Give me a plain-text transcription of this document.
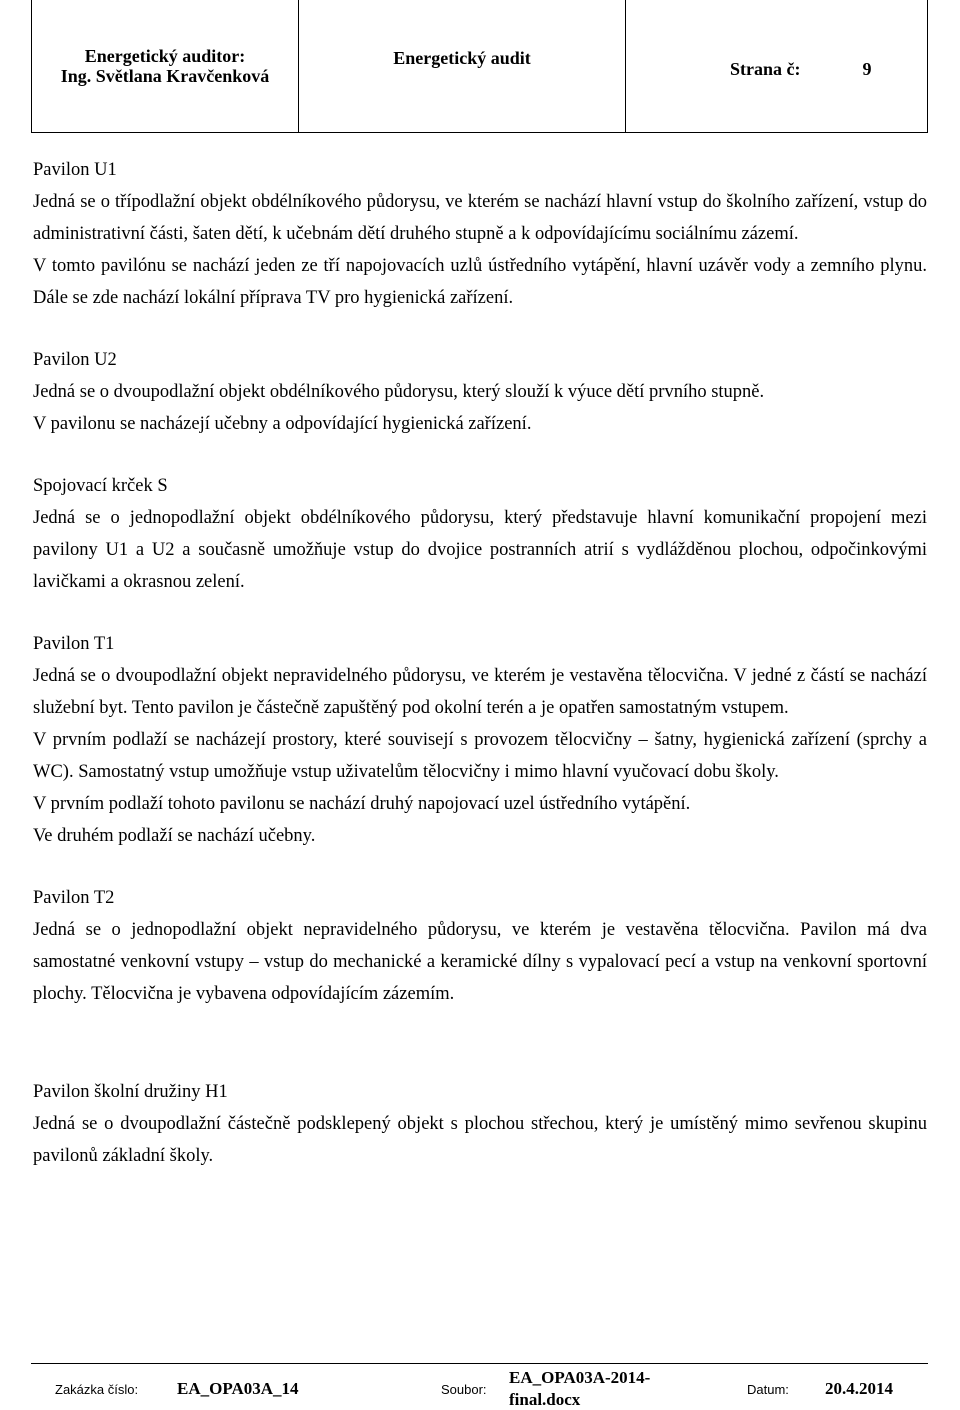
Energetický auditor:
Ing. Světlana Kravčenková
Energetický audit
Strana č:	9
Pavilon U1

Jedná se o třípodlažní objekt obdélníkového půdorysu, ve kterém se nachází hlavní vstup do školního zařízení, vstup do administrativní části, šaten dětí, k učebnám dětí druhého stupně a k odpovídajícímu sociálnímu zázemí.

V tomto pavilónu se nachází jeden ze tří napojovacích uzlů ústředního vytápění, hlavní uzávěr vody a zemního plynu. Dále se zde nachází lokální příprava TV pro hygienická zařízení.

Pavilon U2

Jedná se o dvoupodlažní objekt obdélníkového půdorysu, který slouží k výuce dětí prvního stupně.

V pavilonu se nacházejí učebny a odpovídající hygienická zařízení.

Spojovací krček S

Jedná se o jednopodlažní objekt obdélníkového půdorysu, který představuje hlavní komunikační propojení mezi pavilony U1 a U2 a současně umožňuje vstup do dvojice postranních atrií s vydlážděnou plochou, odpočinkovými lavičkami a okrasnou zelení.

Pavilon T1

Jedná se o dvoupodlažní objekt nepravidelného půdorysu, ve kterém je vestavěna tělocvična. V jedné z částí se nachází služební byt. Tento pavilon je částečně zapuštěný pod okolní terén a je opatřen samostatným vstupem.

V prvním podlaží se nacházejí prostory, které souvisejí s provozem tělocvičny – šatny, hygienická zařízení (sprchy a WC). Samostatný vstup umožňuje vstup uživatelům tělocvičny i mimo hlavní vyučovací dobu školy.

V prvním podlaží tohoto pavilonu se nachází druhý napojovací uzel ústředního vytápění.

Ve druhém podlaží se nachází učebny.

Pavilon T2

Jedná se o jednopodlažní objekt nepravidelného půdorysu, ve kterém je vestavěna tělocvična. Pavilon má dva samostatné venkovní vstupy – vstup do mechanické a keramické dílny s vypalovací pecí a vstup na venkovní sportovní plochy. Tělocvična je vybavena odpovídajícím zázemím.

Pavilon školní družiny H1

Jedná se o dvoupodlažní částečně podsklepený objekt s plochou střechou, který je umístěný mimo sevřenou skupinu pavilonů základní školy.

Zakázka číslo: EA_OPA03A_14	Soubor:
EA_OPA03A-2014-
final.docx
Datum: 20.4.2014
